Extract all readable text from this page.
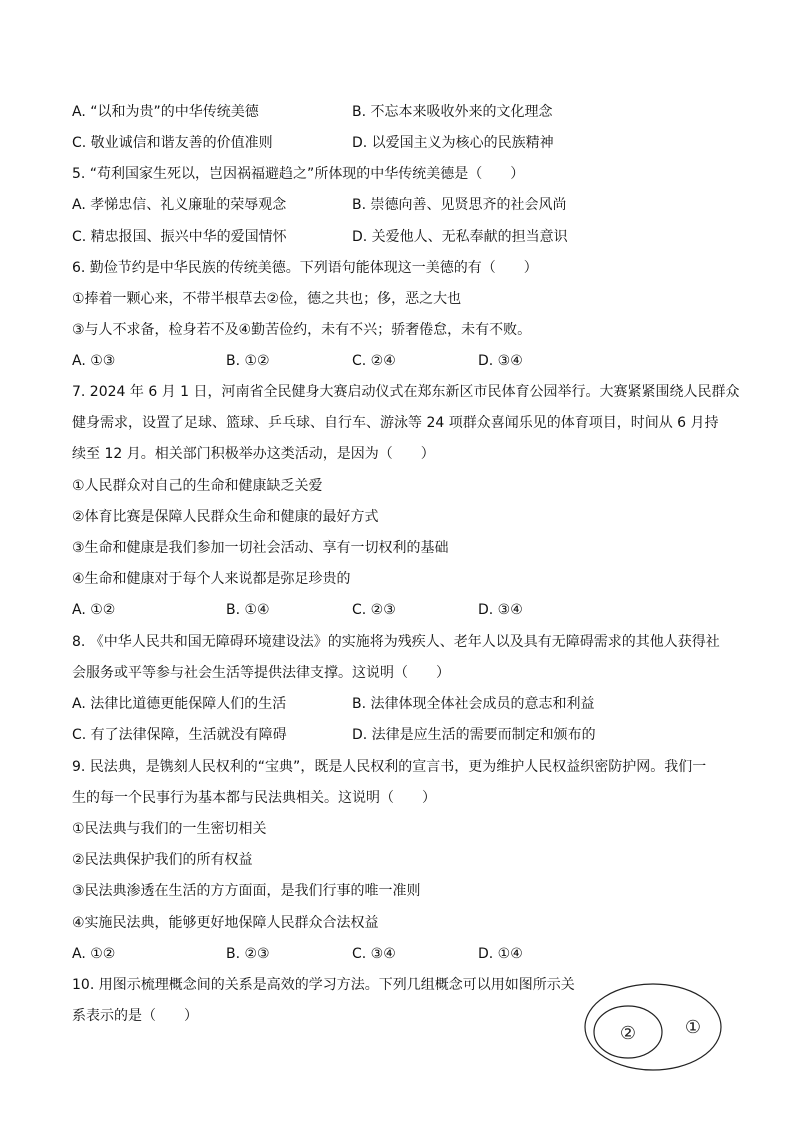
A. “以和为贵”的中华传统美德	B. 不忘本来吸收外来的文化理念
C. 敬业诚信和谐友善的价值准则	D. 以爱国主义为核心的民族精神
5. “苟利国家生死以，岂因祸福避趋之”所体现的中华传统美德是（　　）
A. 孝悌忠信、礼义廉耻的荣辱观念	B. 崇德向善、见贤思齐的社会风尚
C. 精忠报国、振兴中华的爱国情怀	D. 关爱他人、无私奉献的担当意识
6. 勤俭节约是中华民族的传统美德。下列语句能体现这一美德的有（　　）
①捧着一颗心来，不带半根草去②俭，德之共也；侈，恶之大也
③与人不求备，检身若不及④勤苦俭约，未有不兴；骄奢倦怠，未有不败。
A. ①③	B. ①②	C. ②④	D. ③④
7. 2024 年 6 月 1 日，河南省全民健身大赛启动仪式在郑东新区市民体育公园举行。大赛紧紧围绕人民群众
健身需求，设置了足球、篮球、乒乓球、自行车、游泳等 24 项群众喜闻乐见的体育项目，时间从 6 月持
续至 12 月。相关部门积极举办这类活动，是因为（　　）
①人民群众对自己的生命和健康缺乏关爱
②体育比赛是保障人民群众生命和健康的最好方式
③生命和健康是我们参加一切社会活动、享有一切权利的基础
④生命和健康对于每个人来说都是弥足珍贵的
A. ①②	B. ①④	C. ②③	D. ③④
8. 《中华人民共和国无障碍环境建设法》的实施将为残疾人、老年人以及具有无障碍需求的其他人获得社
会服务或平等参与社会生活等提供法律支撑。这说明（　　）
A. 法律比道德更能保障人们的生活	B. 法律体现全体社会成员的意志和利益
C. 有了法律保障，生活就没有障碍	D. 法律是应生活的需要而制定和颁布的
9. 民法典，是镌刻人民权利的“宝典”，既是人民权利的宣言书，更为维护人民权益织密防护网。我们一
生的每一个民事行为基本都与民法典相关。这说明（　　）
①民法典与我们的一生密切相关
②民法典保护我们的所有权益
③民法典渗透在生活的方方面面，是我们行事的唯一准则
④实施民法典，能够更好地保障人民群众合法权益
A. ①②	B. ②③	C. ③④	D. ①④
10. 用图示梳理概念间的关系是高效的学习方法。下列几组概念可以用如图所示关
系表示的是（　　）
②	①
